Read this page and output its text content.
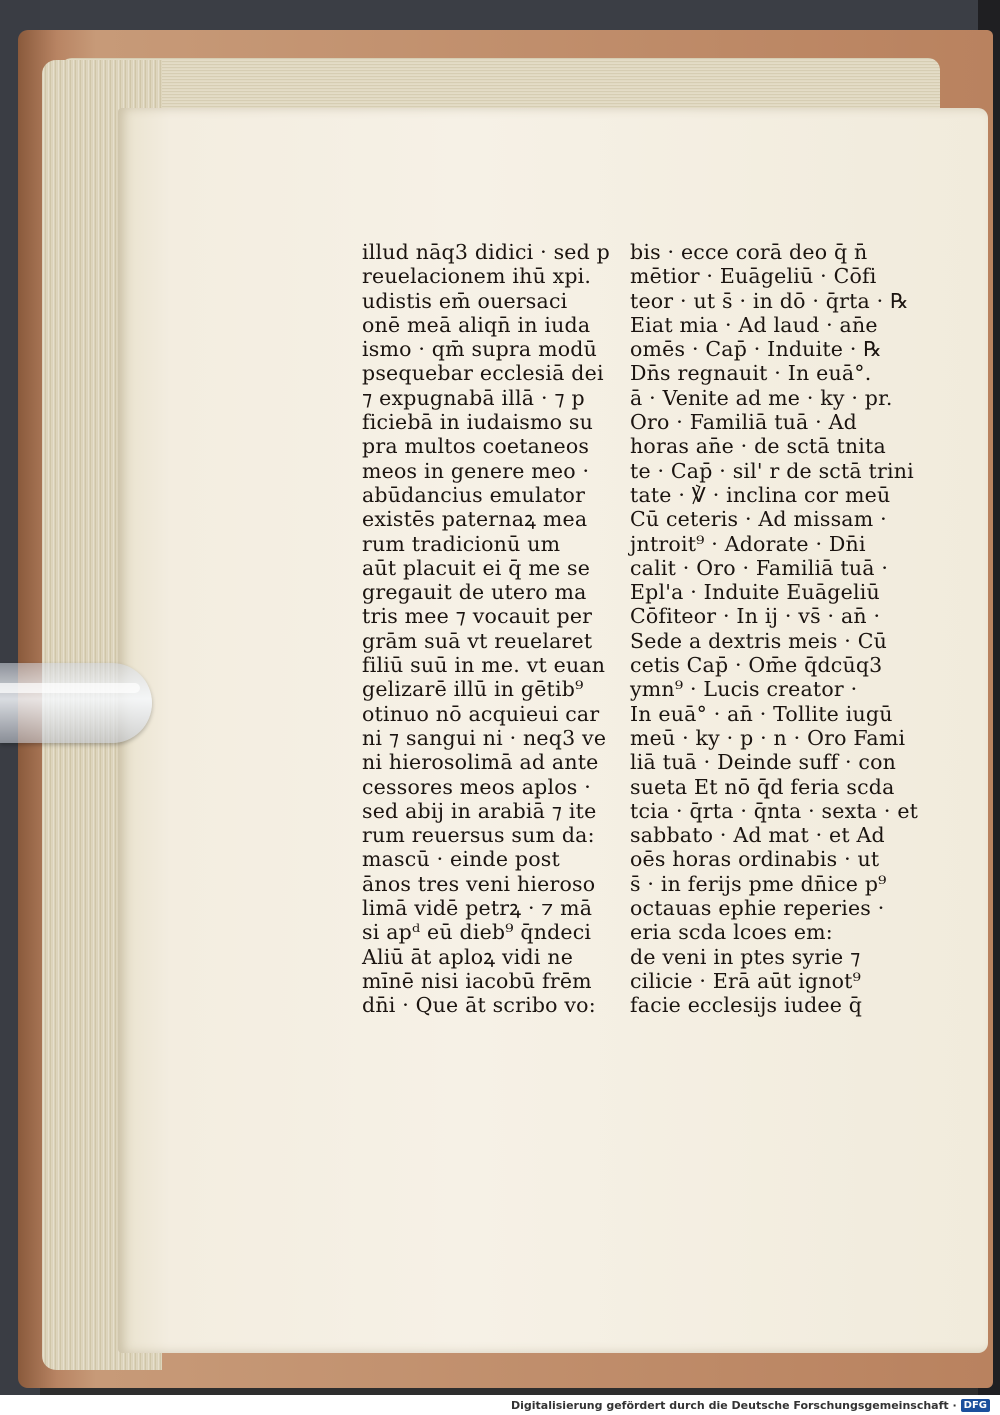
illud nāq3 didici · sed p
reuelacionem ihū xpi.
udistis em̄ ouersaci
onē meā aliqn̄ in iuda
ismo · qm̄ supra modū
psequebar ecclesiā dei
⁊ expugnabā illā · ⁊ p
ficiebā in iudaismo su
pra multos coetaneos
meos in genere meo ·
abūdancius emulator
existēs paternaꝝ mea
rum tradicionū um
aūt placuit ei q̄ me se
gregauit de utero ma
tris mee ⁊ vocauit per
grām suā vt reuelaret
filiū suū in me. vt euan
gelizarē illū in gētib⁹
otinuo nō acquieui car
ni ⁊ sangui ni · neq3 ve
ni hierosolimā ad ante
cessores meos aplos ·
sed abij in arabiā ⁊ ite
rum reuersus sum da:
mascū · einde post
ānos tres veni hieroso
limā vidē petrꝝ · ⁊ mā
si apᵈ eū dieb⁹ q̄ndeci
Aliū āt aploꝝ vidi ne
mīnē nisi iacobū frēm
dn̄i · Que āt scribo vo:
bis · ecce corā deo q̄ n̄
mētior · Euāgeliū · Cōfi
teor · ut s̄ · in dō · q̄rta · ℞
Eiat mia · Ad laud · an̄e
omēs · Cap̄ · Induite · ℞
Dn̄s regnauit · In euā°.
ā · Venite ad me · ky · pr.
Oro · Familiā tuā · Ad
horas an̄e · de sctā tnita
te · Cap̄ · sil' r de sctā trini
tate · ℣ · inclina cor meū
Cū ceteris · Ad missam ·
jntroit⁹ · Adorate · Dn̄i
calit · Oro · Familiā tuā ·
Epl'a · Induite Euāgeliū
Cōfiteor · In ij · vs̄ · an̄ ·
Sede a dextris meis · Cū
cetis Cap̄ · Om̄e q̄dcūq3
ymn⁹ · Lucis creator ·
In euā° · an̄ · Tollite iugū
meū · ky · p · n · Oro Fami
liā tuā · Deinde suff · con
sueta Et nō q̄d feria scda
tcia · q̄rta · q̄nta · sexta · et
sabbato · Ad mat · et Ad
oēs horas ordinabis · ut
s̄ · in ferijs pme dn̄ice p⁹
octauas ephie reperies ·
eria scda lcoes em:
de veni in ptes syrie ⁊
cilicie · Erā aūt ignot⁹
facie ecclesijs iudee q̄
Digitalisierung gefördert durch die Deutsche Forschungsgemeinschaft · DFG
